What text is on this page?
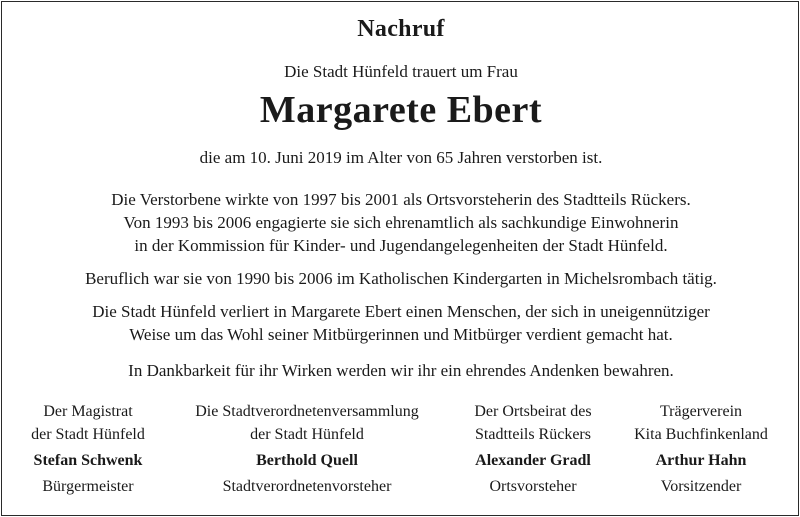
Nachruf
Die Stadt Hünfeld trauert um Frau
Margarete Ebert
die am 10. Juni 2019 im Alter von 65 Jahren verstorben ist.
Die Verstorbene wirkte von 1997 bis 2001 als Ortsvorsteherin des Stadtteils Rückers.
Von 1993 bis 2006 engagierte sie sich ehrenamtlich als sachkundige Einwohnerin
in der Kommission für Kinder- und Jugendangelegenheiten der Stadt Hünfeld.
Beruflich war sie von 1990 bis 2006 im Katholischen Kindergarten in Michelsrombach tätig.
Die Stadt Hünfeld verliert in Margarete Ebert einen Menschen, der sich in uneigennütziger
Weise um das Wohl seiner Mitbürgerinnen und Mitbürger verdient gemacht hat.
In Dankbarkeit für ihr Wirken werden wir ihr ein ehrendes Andenken bewahren.
Der Magistrat
der Stadt Hünfeld
Stefan Schwenk
Bürgermeister
Die Stadtverordnetenversammlung
der Stadt Hünfeld
Berthold Quell
Stadtverordnetenvorsteher
Der Ortsbeirat des
Stadtteils Rückers
Alexander Gradl
Ortsvorsteher
Trägerverein
Kita Buchfinkenland
Arthur Hahn
Vorsitzender
